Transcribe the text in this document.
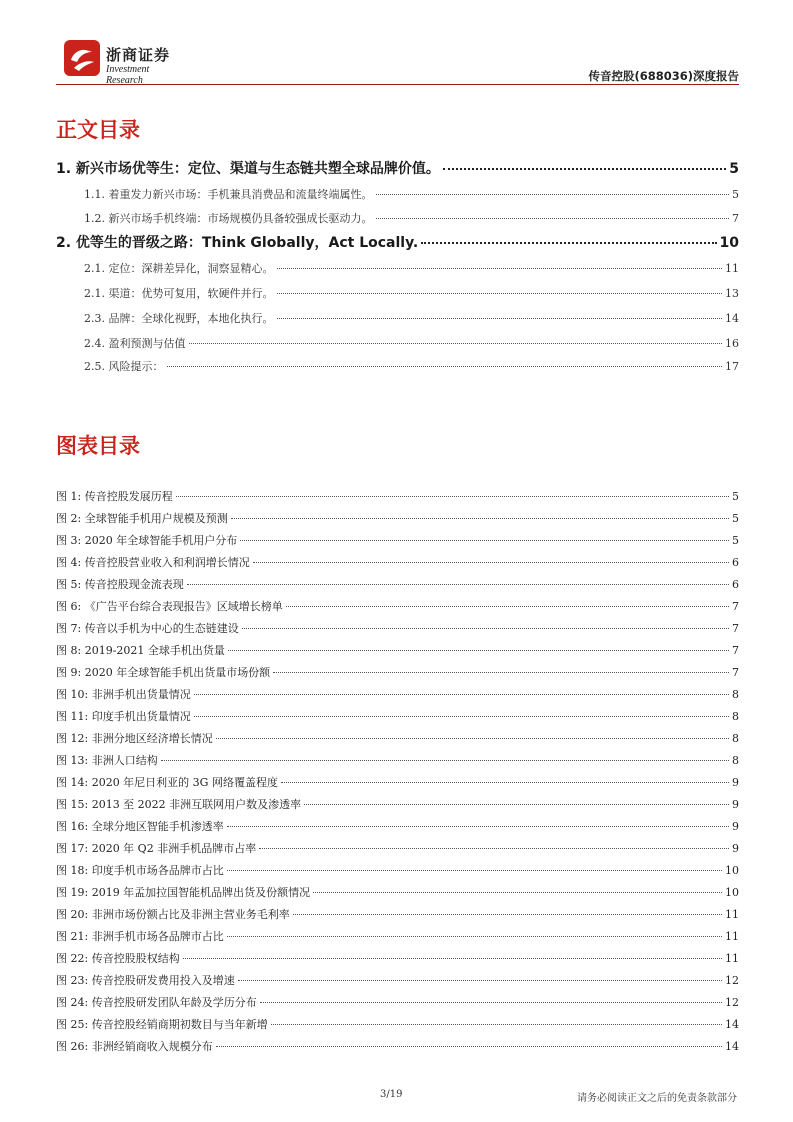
浙商证券
Investment Research	传音控股(688036)深度报告
正文目录
1. 新兴市场优等生：定位、渠道与生态链共塑全球品牌价值。	5
1.1. 着重发力新兴市场：手机兼具消费品和流量终端属性。	5
1.2. 新兴市场手机终端：市场规模仍具备较强成长驱动力。	7
2. 优等生的晋级之路：Think Globally，Act Locally.	10
2.1. 定位：深耕差异化，洞察显精心。	11
2.1. 渠道：优势可复用，软硬件并行。	13
2.3. 品牌：全球化视野，本地化执行。	14
2.4. 盈利预测与估值	16
2.5. 风险提示：	17
图表目录
图 1: 传音控股发展历程	5
图 2: 全球智能手机用户规模及预测	5
图 3: 2020 年全球智能手机用户分布	5
图 4: 传音控股营业收入和利润增长情况	6
图 5: 传音控股现金流表现	6
图 6: 《广告平台综合表现报告》区域增长榜单	7
图 7: 传音以手机为中心的生态链建设	7
图 8: 2019-2021 全球手机出货量	7
图 9: 2020 年全球智能手机出货量市场份额	7
图 10: 非洲手机出货量情况	8
图 11: 印度手机出货量情况	8
图 12: 非洲分地区经济增长情况	8
图 13: 非洲人口结构	8
图 14: 2020 年尼日利亚的 3G 网络覆盖程度	9
图 15: 2013 至 2022 非洲互联网用户数及渗透率	9
图 16: 全球分地区智能手机渗透率	9
图 17: 2020 年 Q2 非洲手机品牌市占率	9
图 18: 印度手机市场各品牌市占比	10
图 19: 2019 年孟加拉国智能机品牌出货及份额情况	10
图 20: 非洲市场份额占比及非洲主营业务毛利率	11
图 21: 非洲手机市场各品牌市占比	11
图 22: 传音控股股权结构	11
图 23: 传音控股研发费用投入及增速	12
图 24: 传音控股研发团队年龄及学历分布	12
图 25: 传音控股经销商期初数目与当年新增	14
图 26: 非洲经销商收入规模分布	14
3/19	请务必阅读正文之后的免责条款部分
